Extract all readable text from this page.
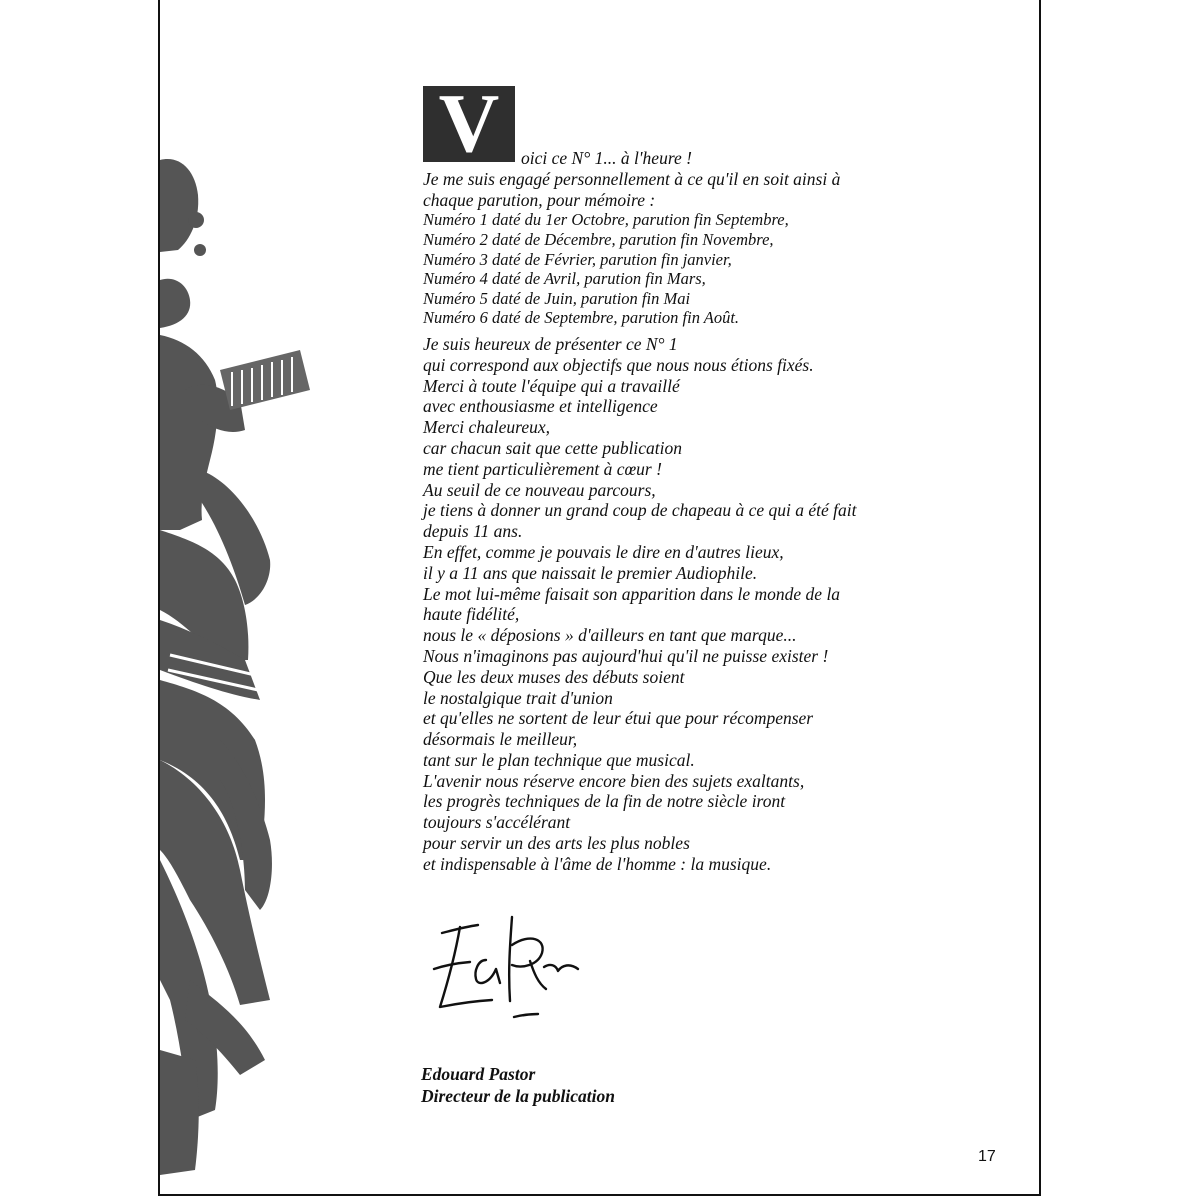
V	oici ce N° 1... à l'heure !
Je me suis engagé personnellement à ce qu'il en soit ainsi à
chaque parution, pour mémoire :
Numéro 1 daté du 1er Octobre, parution fin Septembre,
Numéro 2 daté de Décembre, parution fin Novembre,
Numéro 3 daté de Février, parution fin janvier,
Numéro 4 daté de Avril, parution fin Mars,
Numéro 5 daté de Juin, parution fin Mai
Numéro 6 daté de Septembre, parution fin Août.
Je suis heureux de présenter ce N° 1
qui correspond aux objectifs que nous nous étions fixés.
Merci à toute l'équipe qui a travaillé
avec enthousiasme et intelligence
Merci chaleureux,
car chacun sait que cette publication
me tient particulièrement à cœur !
Au seuil de ce nouveau parcours,
je tiens à donner un grand coup de chapeau à ce qui a été fait
depuis 11 ans.
En effet, comme je pouvais le dire en d'autres lieux,
il y a 11 ans que naissait le premier Audiophile.
Le mot lui-même faisait son apparition dans le monde de la
haute fidélité,
nous le « déposions » d'ailleurs en tant que marque...
Nous n'imaginons pas aujourd'hui qu'il ne puisse exister !
Que les deux muses des débuts soient
le nostalgique trait d'union
et qu'elles ne sortent de leur étui que pour récompenser
désormais le meilleur,
tant sur le plan technique que musical.
L'avenir nous réserve encore bien des sujets exaltants,
les progrès techniques de la fin de notre siècle iront
toujours s'accélérant
pour servir un des arts les plus nobles
et indispensable à l'âme de l'homme : la musique.
Edouard Pastor
Directeur de la publication
17
